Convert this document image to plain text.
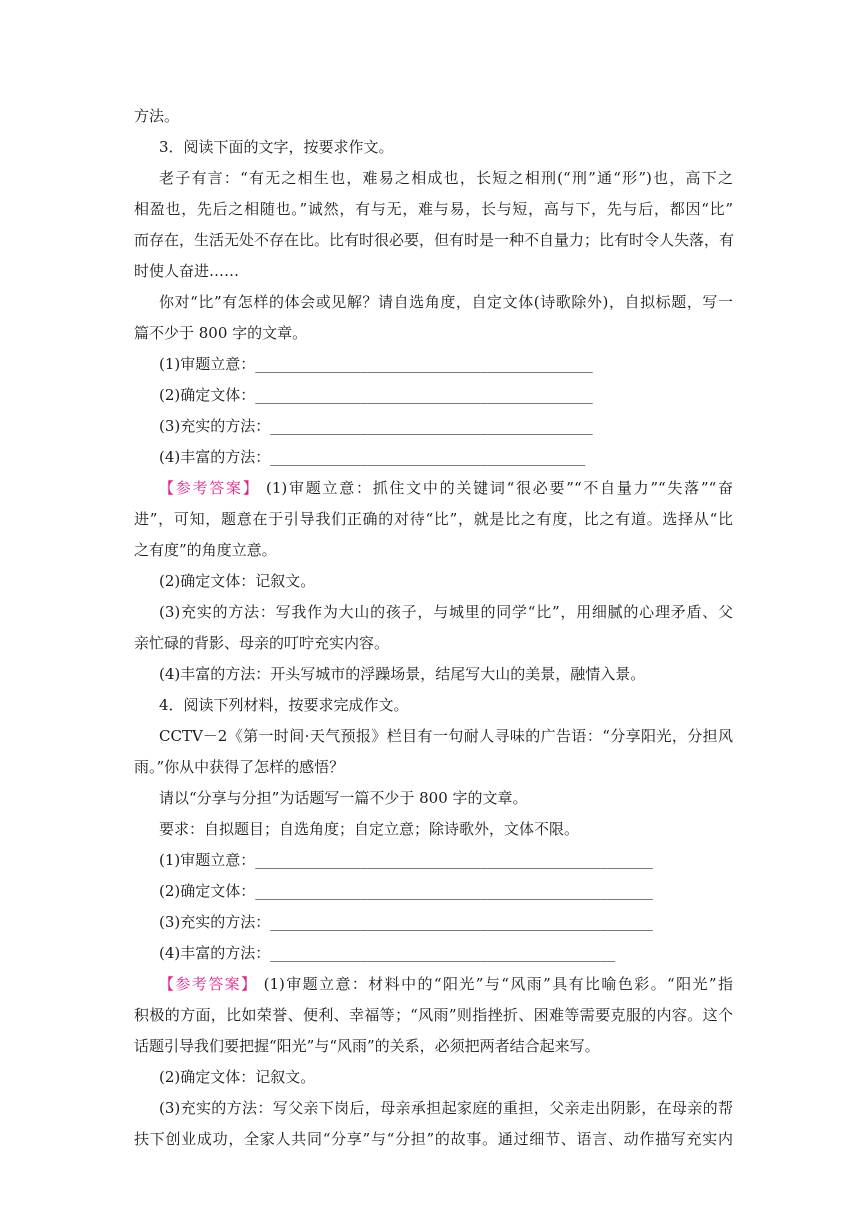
方法。
3．阅读下面的文字，按要求作文。
老子有言：“有无之相生也，难易之相成也，长短之相刑(“刑”通“形”)也，高下之
相盈也，先后之相随也。”诚然，有与无，难与易，长与短，高与下，先与后，都因“比”
而存在，生活无处不存在比。比有时很必要，但有时是一种不自量力；比有时令人失落，有
时使人奋进……
你对“比”有怎样的体会或见解？请自选角度，自定文体(诗歌除外)，自拟标题，写一
篇不少于 800 字的文章。
(1)审题立意：_____________________________________________
(2)确定文体：_____________________________________________
(3)充实的方法：___________________________________________
(4)丰富的方法：__________________________________________
【参考答案】 (1)审题立意：抓住文中的关键词“很必要”“不自量力”“失落”“奋
进”，可知，题意在于引导我们正确的对待“比”，就是比之有度，比之有道。选择从“比
之有度”的角度立意。
(2)确定文体：记叙文。
(3)充实的方法：写我作为大山的孩子，与城里的同学“比”，用细腻的心理矛盾、父
亲忙碌的背影、母亲的叮咛充实内容。
(4)丰富的方法：开头写城市的浮躁场景，结尾写大山的美景，融情入景。
4．阅读下列材料，按要求完成作文。
CCTV－2《第一时间·天气预报》栏目有一句耐人寻味的广告语：“分享阳光，分担风
雨。”你从中获得了怎样的感悟？
请以“分享与分担”为话题写一篇不少于 800 字的文章。
要求：自拟题目；自选角度；自定立意；除诗歌外，文体不限。
(1)审题立意：_____________________________________________________
(2)确定文体：_____________________________________________________
(3)充实的方法：___________________________________________________
(4)丰富的方法：______________________________________________
【参考答案】 (1)审题立意：材料中的“阳光”与“风雨”具有比喻色彩。“阳光”指
积极的方面，比如荣誉、便利、幸福等；“风雨”则指挫折、困难等需要克服的内容。这个
话题引导我们要把握“阳光”与“风雨”的关系，必须把两者结合起来写。
(2)确定文体：记叙文。
(3)充实的方法：写父亲下岗后，母亲承担起家庭的重担，父亲走出阴影，在母亲的帮
扶下创业成功，全家人共同“分享”与“分担”的故事。通过细节、语言、动作描写充实内
